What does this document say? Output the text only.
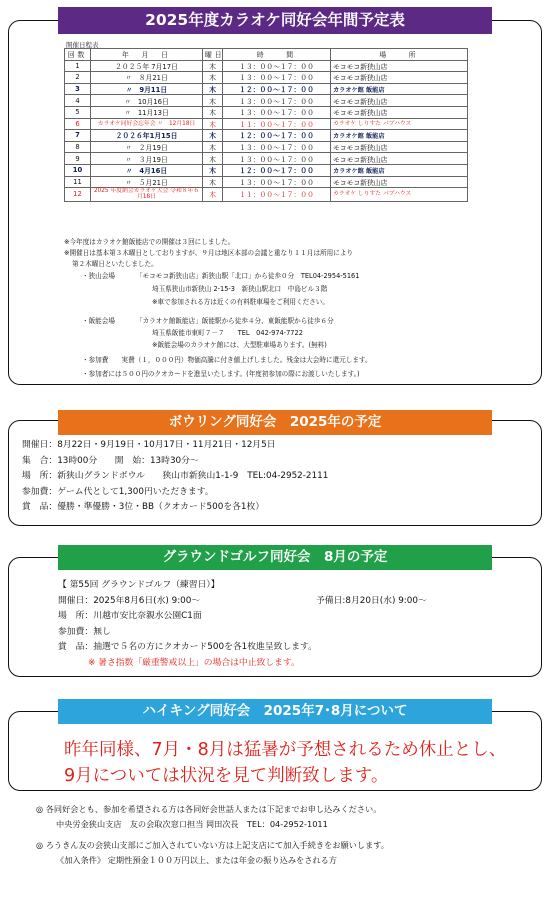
2025年度カラオケ同好会年間予定表
開催日程表
回数	年　月　日	曜日	時　　間	場　　所
1	２０２５年 7月17日	木	１３：００～１７：００	モコモコ新狭山店
2	〃　８月21日	木	１３：００～１７：００	モコモコ新狭山店
3	〃　9月11日	木	１２：００～１７：００	カラオケ館 飯能店
4	〃　10月16日	木	１３：００～１７：００	モコモコ新狭山店
5	〃　11月13日	木	１３：００～１７：００	モコモコ新狭山店
6	カラオケ同好会忘年会 〃　12月18日	木	１１：００～１７：００	カラオケ しりすた パブハウス
7	２０２６年1月15日	木	１２：００～１７：００	カラオケ館 飯能店
8	〃　２月19日	木	１３：００～１７：００	モコモコ新狭山店
9	〃　３月19日	木	１３：００～１７：００	モコモコ新狭山店
10	〃　4月16日	木	１２：００～１７：００	カラオケ館 飯能店
11	〃　５月21日	木	１３：００～１７：００	モコモコ新狭山店
12	2025 年度納会カラオケ大会 令和８年６月18日	木	１１：００～１７：００	カラオケ しりすた パブハウス
※今年度はカラオケ館飯能店での開催は３回にしました。
※開催日は基本第３木曜日としておりますが、９月は地区本部の会議と重なり１１月は所用により
第２木曜日といたしました。
・狭山会場	「モコモコ新狭山店」新狭山駅「北口」から徒歩０分　TEL04-2954-5161
埼玉県狭山市新狭山 2-15-3　新狭山駅北口　中島ビル３階
※車で参加される方は近くの有料駐車場をご利用ください。
・飯能会場	「カラオケ館飯能店」飯能駅から徒歩４分、東飯能駅から徒歩６分
埼玉県飯能市東町７－７　　TEL　042-974-7722
※飯能会場のカラオケ館には、大型駐車場あります。(無料)
・参加費　　実費（１，０００円）物価高騰に付き値上げしました。残金は大会時に還元します。
・参加者には５００円のクオカードを進呈いたします。(年度初参加の際にお渡しいたします。)
ボウリング同好会　2025年の予定
開催日：8月22日・9月19日・10月17日・11月21日・12月5日
集　合：13時00分　　開　始：13時30分～
場　所：新狭山グランドボウル　　狭山市新狭山1-1-9　TEL:04-2952-2111
参加費：ゲーム代として1,300円いただきます。
賞　品：優勝・準優勝・3位・BB（クオカード500を各1枚）
グラウンドゴルフ同好会　8月の予定
【 第55回 グラウンドゴルフ（練習日）】
開催日：2025年8月6日(水) 9:00～	予備日:8月20日(水) 9:00～
場　所：川越市安比奈親水公園C1面
参加費：無し
賞　品：抽選で５名の方にクオカード500を各1枚進呈致します。
※ 暑さ指数「厳重警戒以上」の場合は中止致します。
ハイキング同好会　2025年7･8月について
昨年同様、7月・8月は猛暑が予想されるため休止とし、
9月については状況を見て判断致します。
◎ 各同好会とも、参加を希望される方は各同好会世話人または下記までお申し込みください。
中央労金狭山支店　友の会取次窓口担当 岡田次長　TEL：04-2952-1011
◎ ろうきん友の会狭山支部にご加入されていない方は上記支店にて加入手続きをお願いします。
《加入条件》 定期性預金１００万円以上、または年金の振り込みをされる方
